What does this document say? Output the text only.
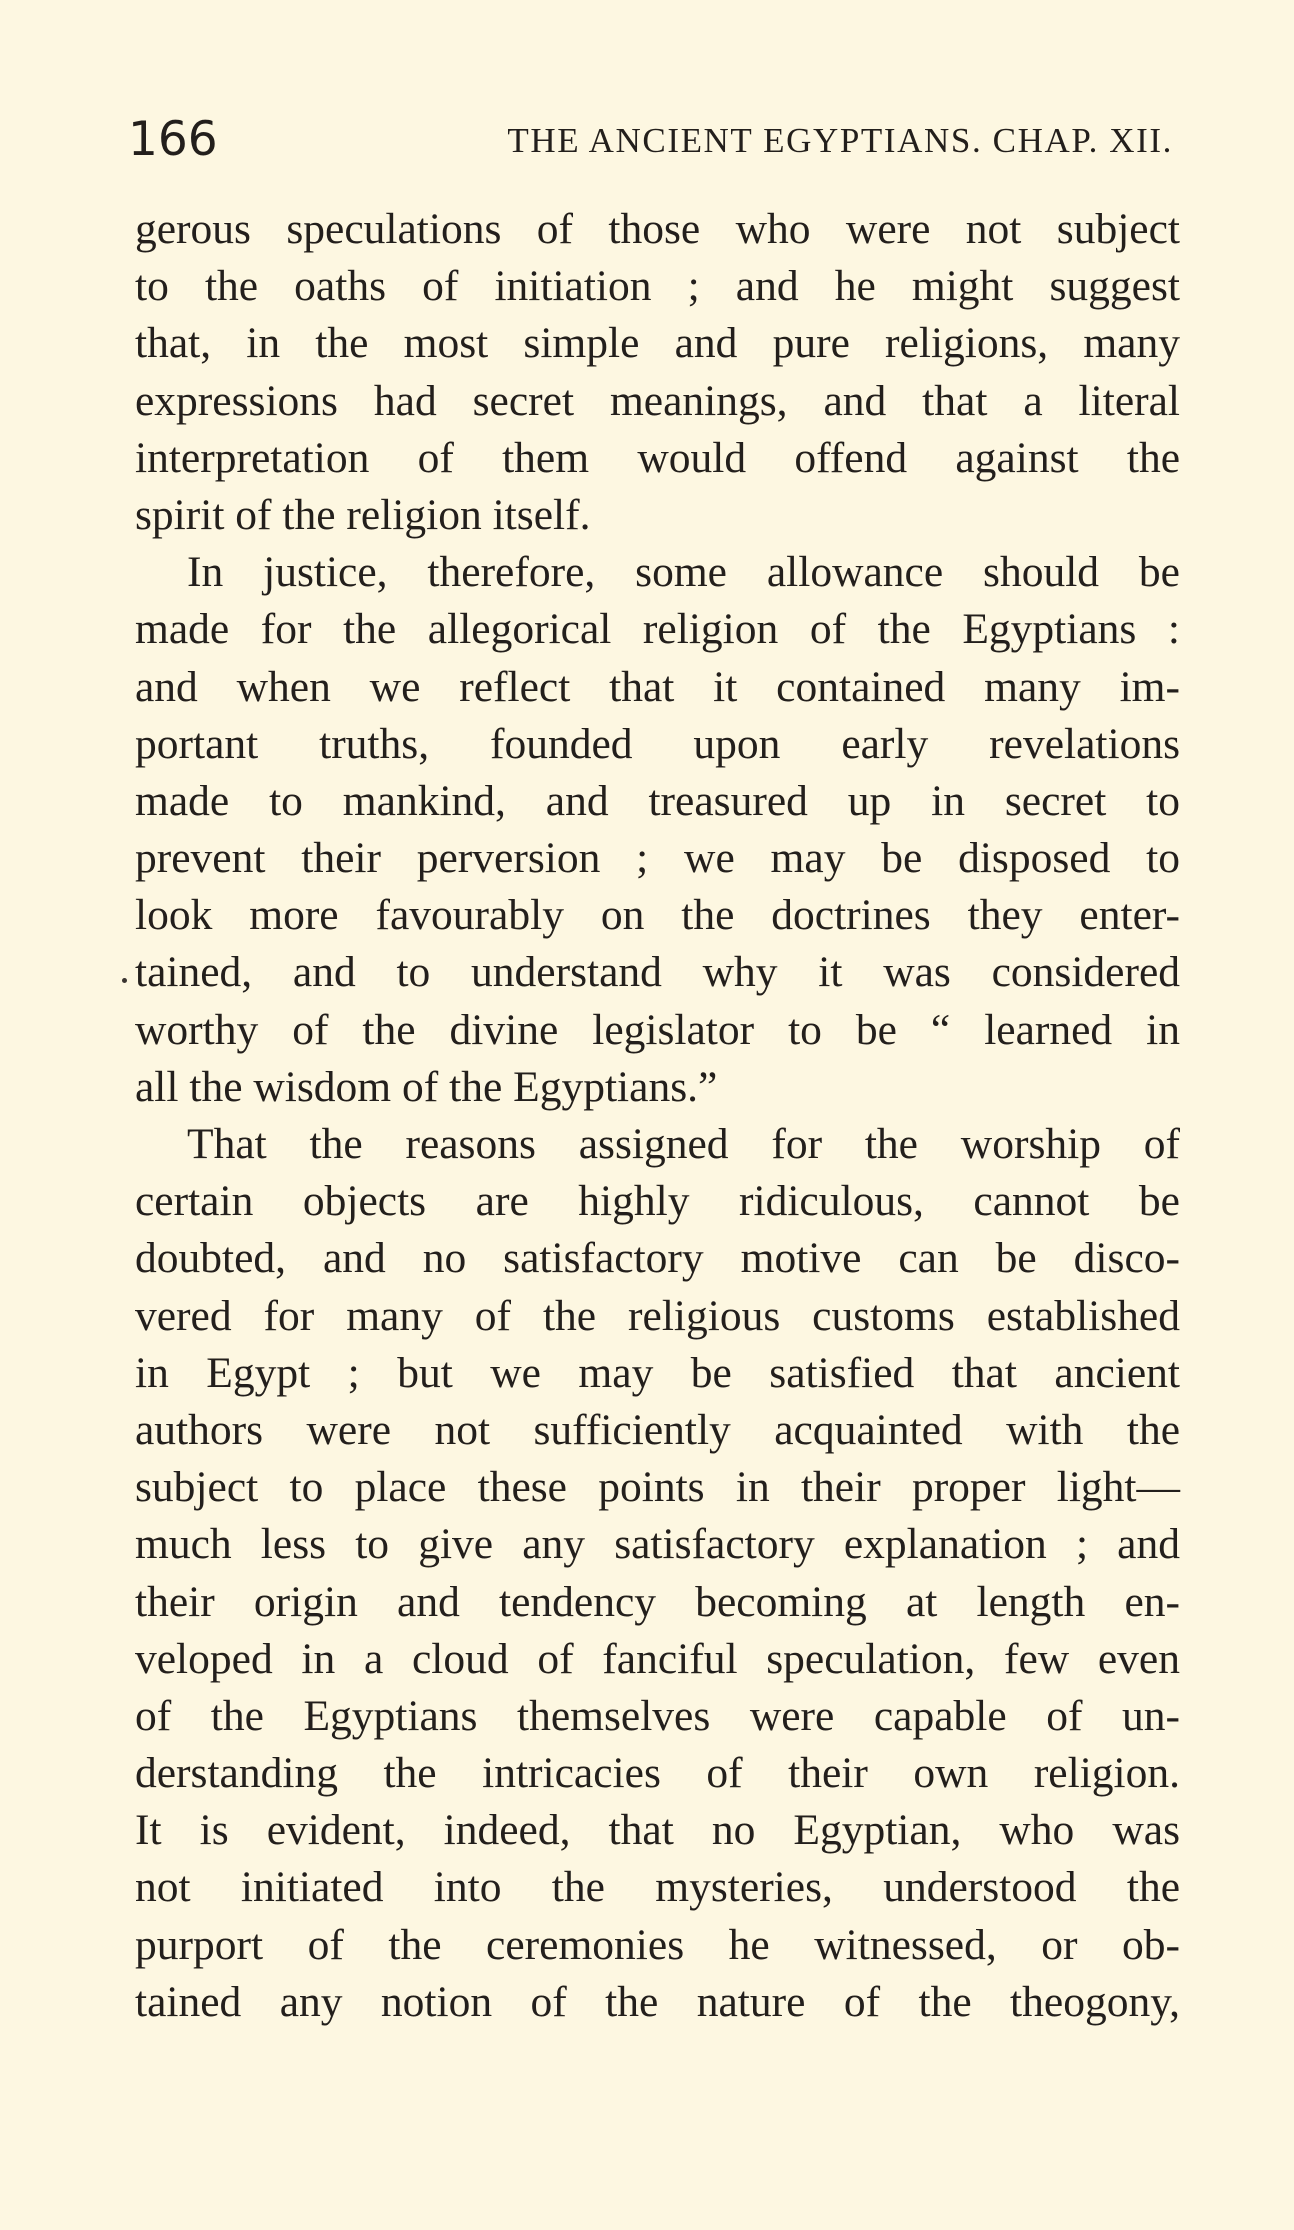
166	THE ANCIENT EGYPTIANS. CHAP. XII.
gerous speculations of those who were not subject
to the oaths of initiation ; and he might suggest
that, in the most simple and pure religions, many
expressions had secret meanings, and that a literal
interpretation of them would offend against the
spirit of the religion itself.
In justice, therefore, some allowance should be
made for the allegorical religion of the Egyptians :
and when we reflect that it contained many im-
portant truths, founded upon early revelations
made to mankind, and treasured up in secret to
prevent their perversion ; we may be disposed to
look more favourably on the doctrines they enter-
tained, and to understand why it was considered
worthy of the divine legislator to be “ learned in
all the wisdom of the Egyptians.”
That the reasons assigned for the worship of
certain objects are highly ridiculous, cannot be
doubted, and no satisfactory motive can be disco-
vered for many of the religious customs established
in Egypt ; but we may be satisfied that ancient
authors were not sufficiently acquainted with the
subject to place these points in their proper light—
much less to give any satisfactory explanation ; and
their origin and tendency becoming at length en-
veloped in a cloud of fanciful speculation, few even
of the Egyptians themselves were capable of un-
derstanding the intricacies of their own religion.
It is evident, indeed, that no Egyptian, who was
not initiated into the mysteries, understood the
purport of the ceremonies he witnessed, or ob-
tained any notion of the nature of the theogony,
